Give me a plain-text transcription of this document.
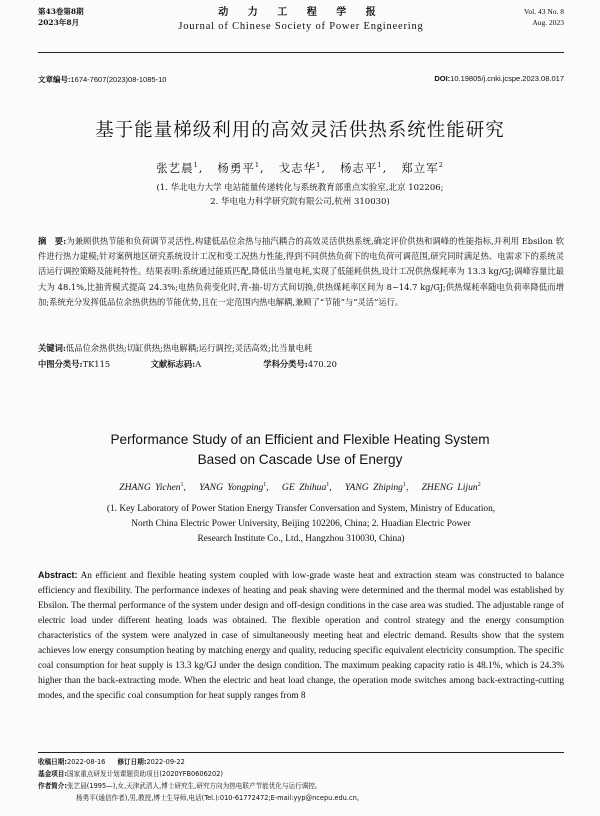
第43卷第8期
2023年8月
动 力 工 程 学 报
Journal of Chinese Society of Power Engineering
Vol. 43 No. 8
Aug. 2023
文章编号:1674-7607(2023)08-1085-10	DOI:10.19805/j.cnki.jcspe.2023.08.017
基于能量梯级利用的高效灵活供热系统性能研究
张艺晨$^1$,   杨勇平$^1$,   戈志华$^1$,   杨志平$^1$,   郑立军$^2$
(1. 华北电力大学 电站能量传递转化与系统教育部重点实验室,北京 102206;
2. 华电电力科学研究院有限公司,杭州 310030)
摘　要:为兼顾供热节能和负荷调节灵活性,构建低品位余热与抽汽耦合的高效灵活供热系统,确定评价供热和调峰的性能指标,并利用 Ebsilon 软件进行热力建模;针对案例地区研究系统设计工况和变工况热力性能,得到不同供热负荷下的电负荷可调范围,研究同时满足热、电需求下的系统灵活运行调控策略及能耗特性。结果表明:系统通过能质匹配,降低出当量电耗,实现了低能耗供热,设计工况供热煤耗率为 13.3 kg/GJ;调峰容量比最大为 48.1%,比抽背模式提高 24.3%;电热负荷变化时,背-抽-切方式间切换,供热煤耗率区间为 8~14.7 kg/GJ;供热煤耗率随电负荷率降低而增加;系统充分发挥低品位余热供热的节能优势,且在一定范围内热电解耦,兼顾了“节能”与“灵活”运行。
关键词:低品位余热供热;切缸供热;热电解耦;运行调控;灵活高效;比当量电耗
中图分类号:TK115	文献标志码:A	学科分类号:470.20
Performance Study of an Efficient and Flexible Heating System
Based on Cascade Use of Energy
ZHANG Yichen$^1$,   YANG Yongping$^1$,   GE Zhihua$^1$,   YANG Zhiping$^1$,   ZHENG Lijun$^2$
(1. Key Laboratory of Power Station Energy Transfer Conversation and System, Ministry of Education,
North China Electric Power University, Beijing 102206, China; 2. Huadian Electric Power
Research Institute Co., Ltd., Hangzhou 310030, China)
Abstract: An efficient and flexible heating system coupled with low-grade waste heat and extraction steam was constructed to balance efficiency and flexibility. The performance indexes of heating and peak shaving were determined and the thermal model was established by Ebsilon. The thermal performance of the system under design and off-design conditions in the case area was studied. The adjustable range of electric load under different heating loads was obtained. The flexible operation and control strategy and the energy consumption characteristics of the system were analyzed in case of simultaneously meeting heat and electric demand. Results show that the system achieves low energy consumption heating by matching energy and quality, reducing specific equivalent electricity consumption. The specific coal consumption for heat supply is 13.3 kg/GJ under the design condition. The maximum peaking capacity ratio is 48.1%, which is 24.3% higher than the back-extracting mode. When the electric and heat load change, the operation mode switches among back-extracting-cutting modes, and the specific coal consumption for heat supply ranges from 8
收稿日期:2022-08-16 修订日期:2022-09-22
基金项目:国家重点研发计划课题资助项目(2020YFB0606202)
作者简介:张艺晨(1995—),女,天津武清人,博士研究生,研究方向为热电联产节能优化与运行调控。
杨勇平(通信作者),男,教授,博士生导师,电话(Tel.):010-61772472;E-mail:yyp@ncepu.edu.cn。
